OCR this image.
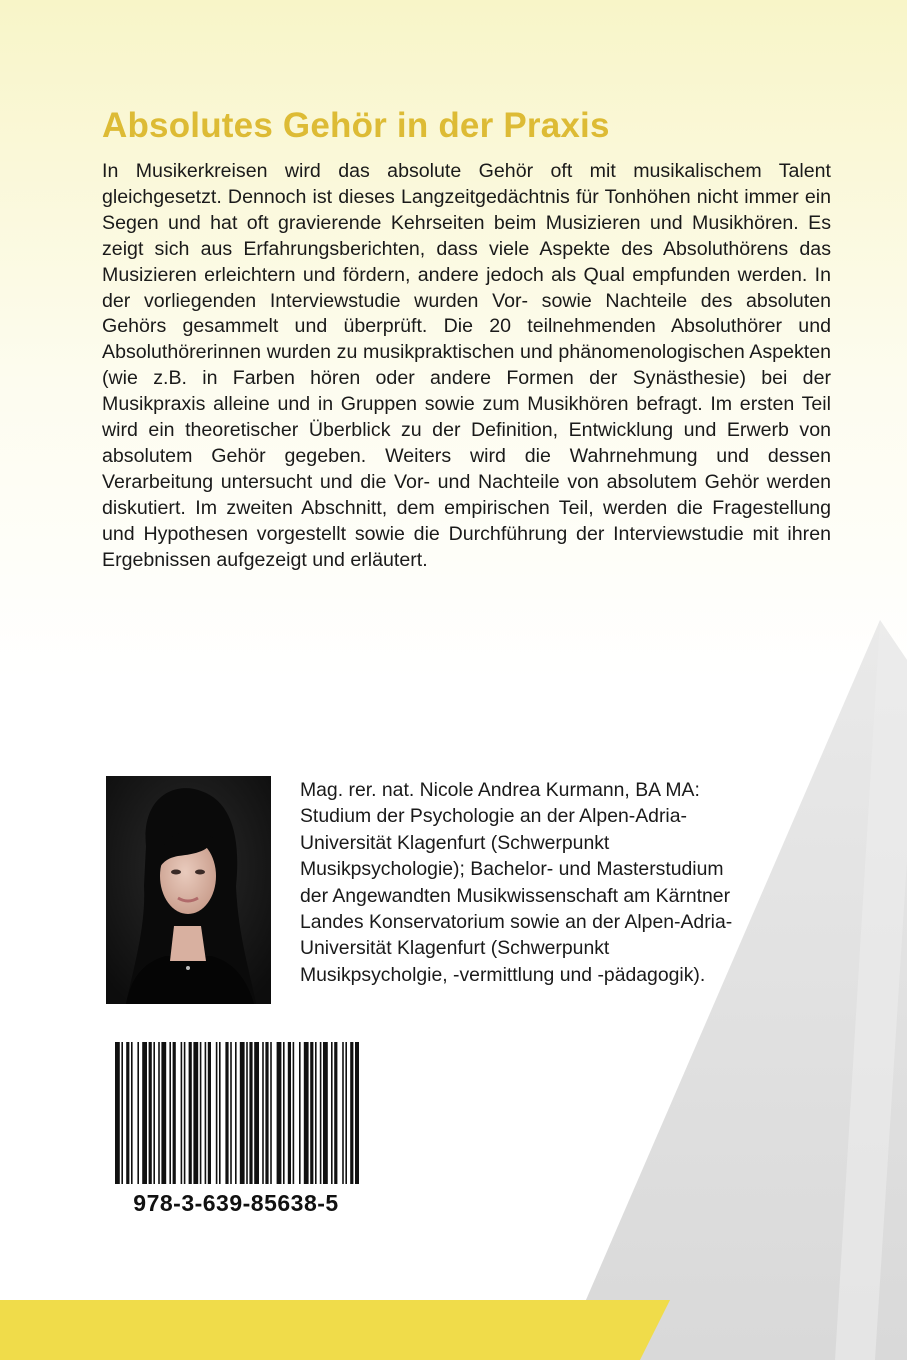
Absolutes Gehör in der Praxis

In Musikerkreisen wird das absolute Gehör oft mit musikalischem Talent gleichgesetzt. Dennoch ist dieses Langzeitgedächtnis für Tonhöhen nicht immer ein Segen und hat oft gravierende Kehrseiten beim Musizieren und Musikhören. Es zeigt sich aus Erfahrungsberichten, dass viele Aspekte des Absoluthörens das Musizieren erleichtern und fördern, andere jedoch als Qual empfunden werden. In der vorliegenden Interviewstudie wurden Vor- sowie Nachteile des absoluten Gehörs gesammelt und überprüft. Die 20 teilnehmenden Absoluthörer und Absoluthörerinnen wurden zu musikpraktischen und phänomenologischen Aspekten (wie z.B. in Farben hören oder andere Formen der Synästhesie) bei der Musikpraxis alleine und in Gruppen sowie zum Musikhören befragt. Im ersten Teil wird ein theoretischer Überblick zu der Definition, Entwicklung und Erwerb von absolutem Gehör gegeben. Weiters wird die Wahrnehmung und dessen Verarbeitung untersucht und die Vor- und Nachteile von absolutem Gehör werden diskutiert. Im zweiten Abschnitt, dem empirischen Teil, werden die Fragestellung und Hypothesen vorgestellt sowie die Durchführung der Interviewstudie mit ihren Ergebnissen aufgezeigt und erläutert.

Mag. rer. nat. Nicole Andrea Kurmann, BA MA:
Studium der Psychologie an der Alpen-Adria-
Universität Klagenfurt (Schwerpunkt
Musikpsychologie); Bachelor- und Masterstudium
der Angewandten Musikwissenschaft am Kärntner
Landes Konservatorium sowie an der Alpen-Adria-
Universität Klagenfurt (Schwerpunkt
Musikpsycholgie, -vermittlung und -pädagogik).

978-3-639-85638-5
